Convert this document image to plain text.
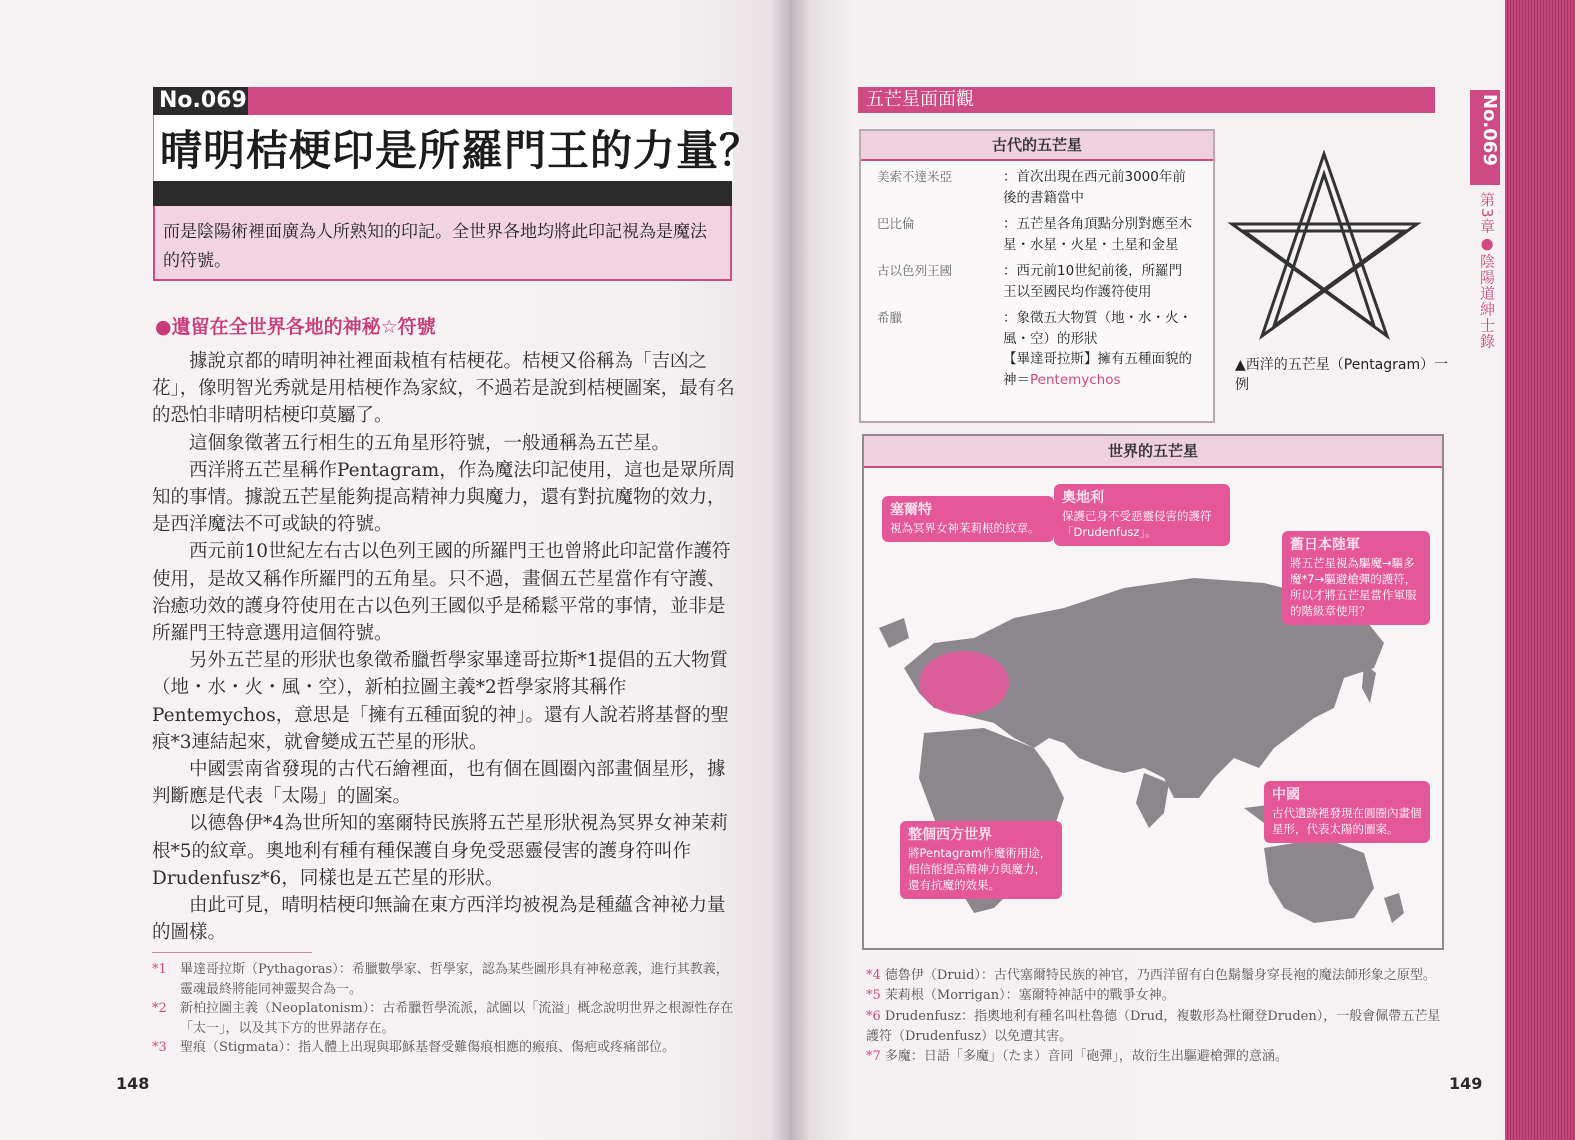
No.069
晴明桔梗印是所羅門王的力量？
而是陰陽術裡面廣為人所熟知的印記。全世界各地均將此印記視為是魔法的符號。
●遺留在全世界各地的神秘☆符號

據說京都的晴明神社裡面栽植有桔梗花。桔梗又俗稱為「吉凶之花」，像明智光秀就是用桔梗作為家紋，不過若是說到桔梗圖案，最有名的恐怕非晴明桔梗印莫屬了。

這個象徵著五行相生的五角星形符號，一般通稱為五芒星。

西洋將五芒星稱作Pentagram，作為魔法印記使用，這也是眾所周知的事情。據說五芒星能夠提高精神力與魔力，還有對抗魔物的效力，是西洋魔法不可或缺的符號。

西元前10世紀左右古以色列王國的所羅門王也曾將此印記當作護符使用，是故又稱作所羅門的五角星。只不過，畫個五芒星當作有守護、治癒功效的護身符使用在古以色列王國似乎是稀鬆平常的事情，並非是所羅門王特意選用這個符號。

另外五芒星的形狀也象徵希臘哲學家畢達哥拉斯*1提倡的五大物質（地・水・火・風・空），新柏拉圖主義*2哲學家將其稱作Pentemychos，意思是「擁有五種面貌的神」。還有人說若將基督的聖痕*3連結起來，就會變成五芒星的形狀。

中國雲南省發現的古代石繪裡面，也有個在圓圈內部畫個星形，據判斷應是代表「太陽」的圖案。

以德魯伊*4為世所知的塞爾特民族將五芒星形狀視為冥界女神茉莉根*5的紋章。奧地利有種有種保護自身免受惡靈侵害的護身符叫作Drudenfusz*6，同樣也是五芒星的形狀。

由此可見，晴明桔梗印無論在東方西洋均被視為是種蘊含神祕力量的圖樣。

*1 畢達哥拉斯（Pythagoras）：希臘數學家、哲學家，認為某些圖形具有神秘意義，進行其教義，靈魂最終將能同神靈契合為一。

*2 新柏拉圖主義（Neoplatonism）：古希臘哲學流派，試圖以「流溢」概念說明世界之根源性存在「太一」，以及其下方的世界諸存在。

*3 聖痕（Stigmata）：指人體上出現與耶穌基督受難傷痕相應的瘢痕、傷疤或疼痛部位。

148
五芒星面面觀
古代的五芒星
美索不達米亞	：首次出現在西元前3000年前後的書籍當中
巴比倫	：五芒星各角頂點分別對應至木星・水星・火星・土星和金星
古以色列王國	：西元前10世紀前後，所羅門王以至國民均作護符使用
希臘	：象徵五大物質（地・水・火・風・空）的形狀
【畢達哥拉斯】擁有五種面貌的神＝Pentemychos
▲西洋的五芒星（Pentagram）一例
世界的五芒星
塞爾特
視為冥界女神茉莉根的紋章。
奧地利
保護己身不受惡靈侵害的護符「Drudenfusz」。
舊日本陸軍
將五芒星視為驅魔→驅多魔*7→驅避槍彈的護符，所以才將五芒星當作軍服的階級章使用？
中國
古代遺跡裡發現在圓圈內畫個星形，代表太陽的圖案。
整個西方世界
將Pentagram作魔術用途，相信能提高精神力與魔力，還有抗魔的效果。
*4 德魯伊（Druid）：古代塞爾特民族的神官，乃西洋留有白色鬍鬚身穿長袍的魔法師形象之原型。
*5 茉莉根（Morrigan）：塞爾特神話中的戰爭女神。
*6 Drudenfusz：指奧地利有種名叫杜魯德（Drud，複數形為杜爾登Druden），一般會佩帶五芒星護符（Drudenfusz）以免遭其害。
*7 多魔：日語「多魔」（たま）音同「砲彈」，故衍生出驅避槍彈的意涵。
149
No.069
第3章●陰陽道紳士錄
